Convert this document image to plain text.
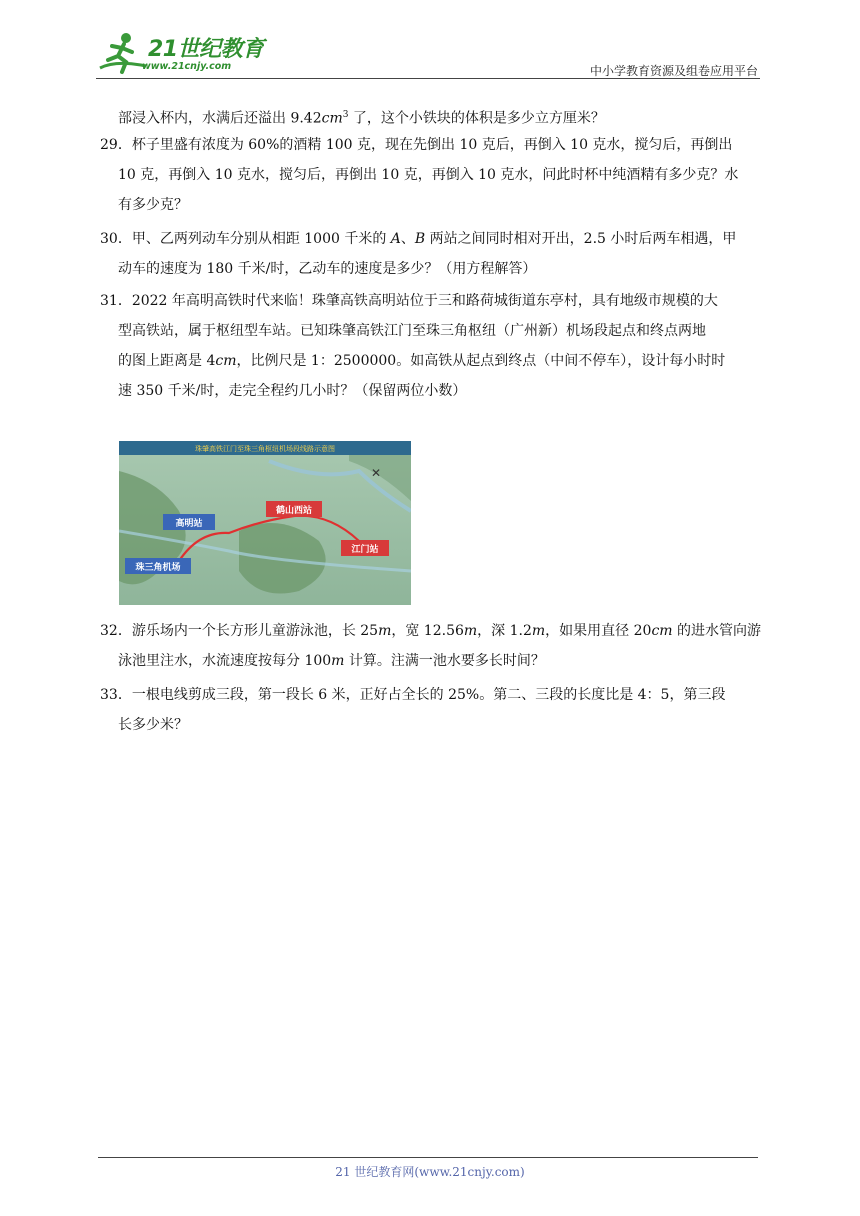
21世纪教育
www.21cnjy.com	中小学教育资源及组卷应用平台
部浸入杯内，水满后还溢出 $9.42cm^3$ 了，这个小铁块的体积是多少立方厘米？
29．杯子里盛有浓度为 60%的酒精 100 克，现在先倒出 10 克后，再倒入 10 克水，搅匀后，再倒出
10 克，再倒入 10 克水，搅匀后，再倒出 10 克，再倒入 10 克水，问此时杯中纯酒精有多少克？水
有多少克？
30．甲、乙两列动车分别从相距 1000 千米的 A、B 两站之间同时相对开出，2.5 小时后两车相遇，甲
动车的速度为 180 千米/时，乙动车的速度是多少？（用方程解答）
31．2022 年高明高铁时代来临！珠肇高铁高明站位于三和路荷城街道东亭村，具有地级市规模的大
型高铁站，属于枢纽型车站。已知珠肇高铁江门至珠三角枢纽（广州新）机场段起点和终点两地
的图上距离是 4cm，比例尺是 1：2500000。如高铁从起点到终点（中间不停车），设计每小时时
速 350 千米/时，走完全程约几小时？（保留两位小数）
珠肇高铁江门至珠三角枢纽机场段线路示意图
✕
高明站
鹤山西站
江门站
珠三角机场
32．游乐场内一个长方形儿童游泳池，长 25m，宽 12.56m，深 1.2m，如果用直径 20cm 的进水管向游
泳池里注水，水流速度按每分 100m 计算。注满一池水要多长时间？
33．一根电线剪成三段，第一段长 6 米，正好占全长的 25%。第二、三段的长度比是 4：5，第三段
长多少米？
21 世纪教育网(www.21cnjy.com)
